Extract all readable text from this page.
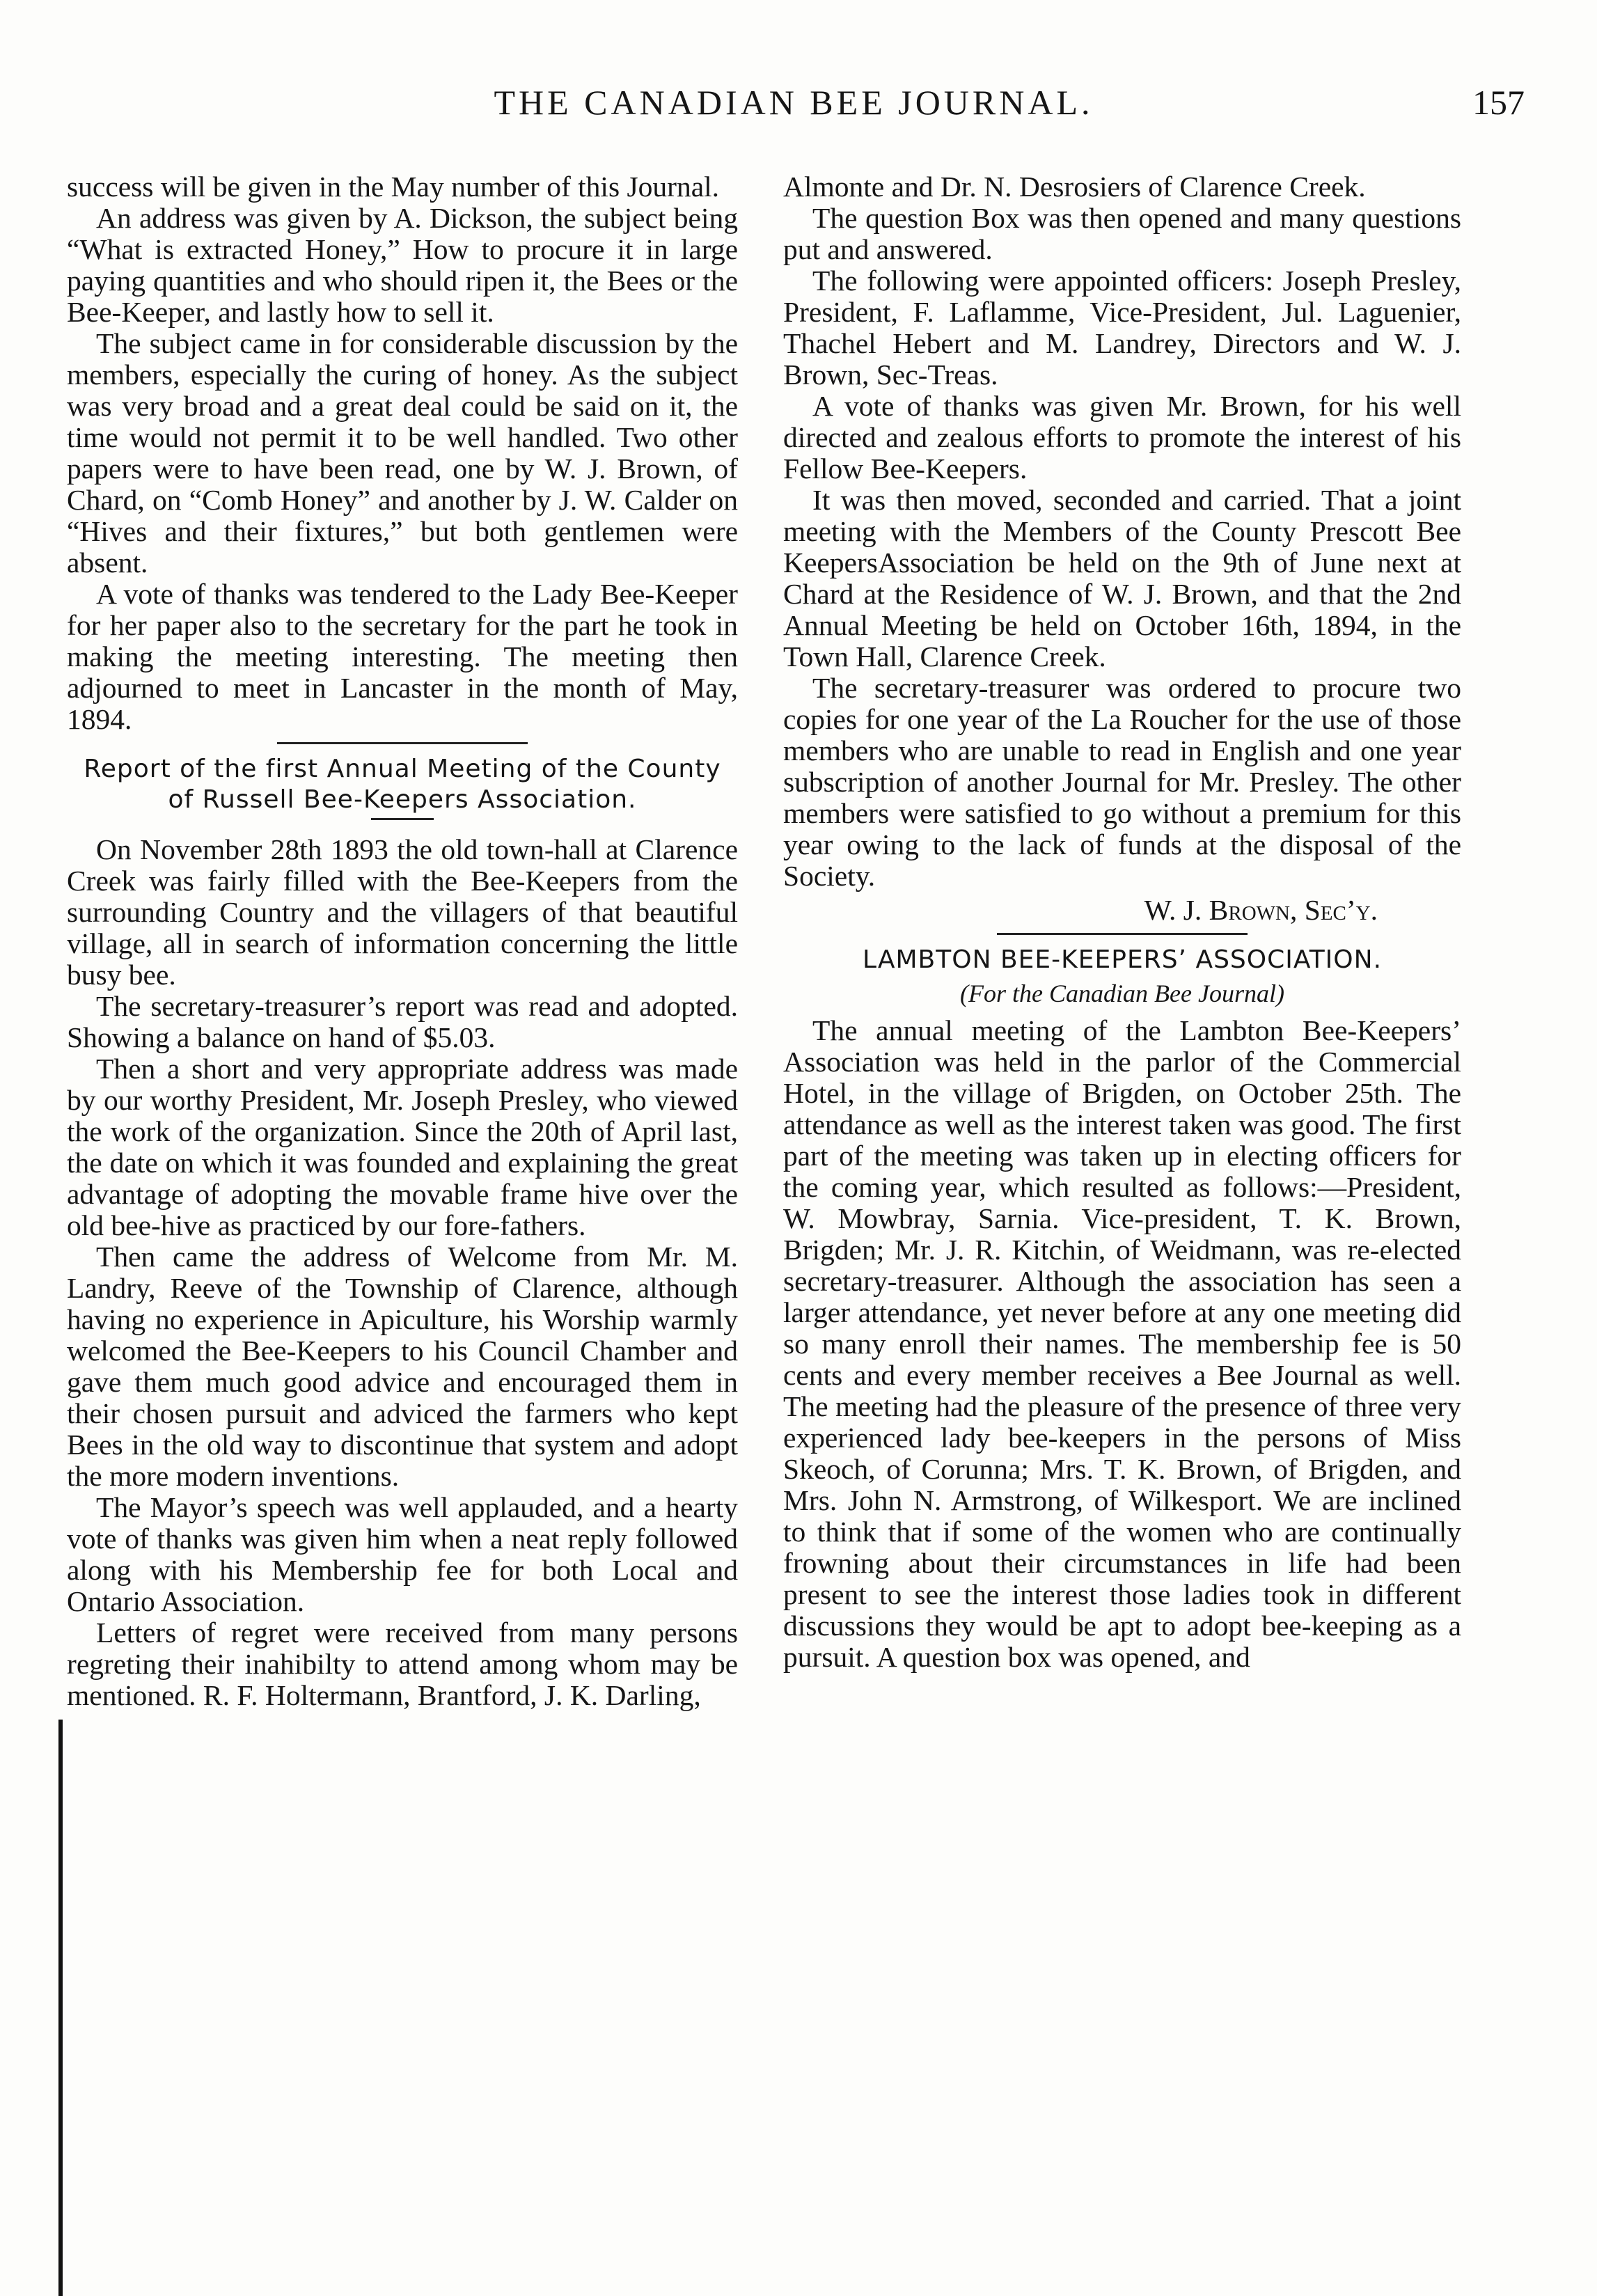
THE CANADIAN BEE JOURNAL.	157

success will be given in the May number of this Journal.

An address was given by A. Dickson, the subject being “What is extracted Honey,” How to procure it in large paying quantities and who should ripen it, the Bees or the Bee-Keeper, and lastly how to sell it.

The subject came in for considerable discussion by the members, especially the curing of honey. As the subject was very broad and a great deal could be said on it, the time would not permit it to be well handled. Two other papers were to have been read, one by W. J. Brown, of Chard, on “Comb Honey” and another by J. W. Calder on “Hives and their fixtures,” but both gentlemen were absent.

A vote of thanks was tendered to the Lady Bee-Keeper for her paper also to the secretary for the part he took in making the meeting interesting. The meeting then adjourned to meet in Lancaster in the month of May, 1894.

Report of the first Annual Meeting of the County of Russell Bee-Keepers Association.

On November 28th 1893 the old town-hall at Clarence Creek was fairly filled with the Bee-Keepers from the surrounding Country and the villagers of that beautiful village, all in search of information concerning the little busy bee.

The secretary-treasurer’s report was read and adopted. Showing a balance on hand of $5.03.

Then a short and very appropriate address was made by our worthy President, Mr. Joseph Presley, who viewed the work of the organization. Since the 20th of April last, the date on which it was founded and explaining the great advantage of adopting the movable frame hive over the old bee-hive as practiced by our fore-fathers.

Then came the address of Welcome from Mr. M. Landry, Reeve of the Township of Clarence, although having no experience in Apiculture, his Worship warmly welcomed the Bee-Keepers to his Council Chamber and gave them much good advice and encouraged them in their chosen pursuit and adviced the farmers who kept Bees in the old way to discontinue that system and adopt the more modern inventions.

The Mayor’s speech was well applauded, and a hearty vote of thanks was given him when a neat reply followed along with his Membership fee for both Local and Ontario Association.

Letters of regret were received from many persons regreting their inahibilty to attend among whom may be mentioned. R. F. Holtermann, Brantford, J. K. Darling,

Almonte and Dr. N. Desrosiers of Clarence Creek.

The question Box was then opened and many questions put and answered.

The following were appointed officers: Joseph Presley, President, F. Laflamme, Vice-President, Jul. Laguenier, Thachel Hebert and M. Landrey, Directors and W. J. Brown, Sec-Treas.

A vote of thanks was given Mr. Brown, for his well directed and zealous efforts to promote the interest of his Fellow Bee-Keepers.

It was then moved, seconded and carried. That a joint meeting with the Members of the County Prescott Bee KeepersAssociation be held on the 9th of June next at Chard at the Residence of W. J. Brown, and that the 2nd Annual Meeting be held on October 16th, 1894, in the Town Hall, Clarence Creek.

The secretary-treasurer was ordered to procure two copies for one year of the La Roucher for the use of those members who are unable to read in English and one year subscription of another Journal for Mr. Presley. The other members were satisfied to go without a premium for this year owing to the lack of funds at the disposal of the Society.

W. J. Brown, Sec’y.

LAMBTON BEE-KEEPERS’ ASSOCIATION.

(For the Canadian Bee Journal)

The annual meeting of the Lambton Bee-Keepers’ Association was held in the parlor of the Commercial Hotel, in the village of Brigden, on October 25th. The attendance as well as the interest taken was good. The first part of the meeting was taken up in electing officers for the coming year, which resulted as follows:—President, W. Mowbray, Sarnia. Vice-president, T. K. Brown, Brigden; Mr. J. R. Kitchin, of Weidmann, was re-elected secretary-treasurer. Although the association has seen a larger attendance, yet never before at any one meeting did so many enroll their names. The membership fee is 50 cents and every member receives a Bee Journal as well. The meeting had the pleasure of the presence of three very experienced lady bee-keepers in the persons of Miss Skeoch, of Corunna; Mrs. T. K. Brown, of Brigden, and Mrs. John N. Armstrong, of Wilkesport. We are inclined to think that if some of the women who are continually frowning about their circumstances in life had been present to see the interest those ladies took in different discussions they would be apt to adopt bee-keeping as a pursuit. A question box was opened, and
